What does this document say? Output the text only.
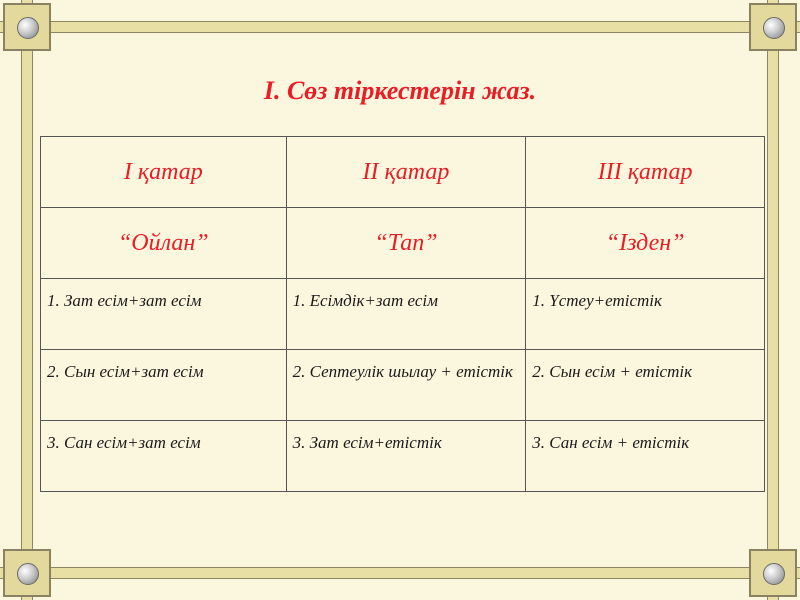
I. Сөз тіркестерін жаз.
І қатар	ІІ қатар	ІІІ қатар
“Ойлан”	“Тап”	“Ізден”
1. Зат есім+зат есім	1. Есімдік+зат есім	1. Үстеу+етістік
2. Сын есім+зат есім	2. Септеулік шылау + етістік	2. Сын есім + етістік
3. Сан есім+зат есім	3. Зат есім+етістік	3. Сан есім + етістік
